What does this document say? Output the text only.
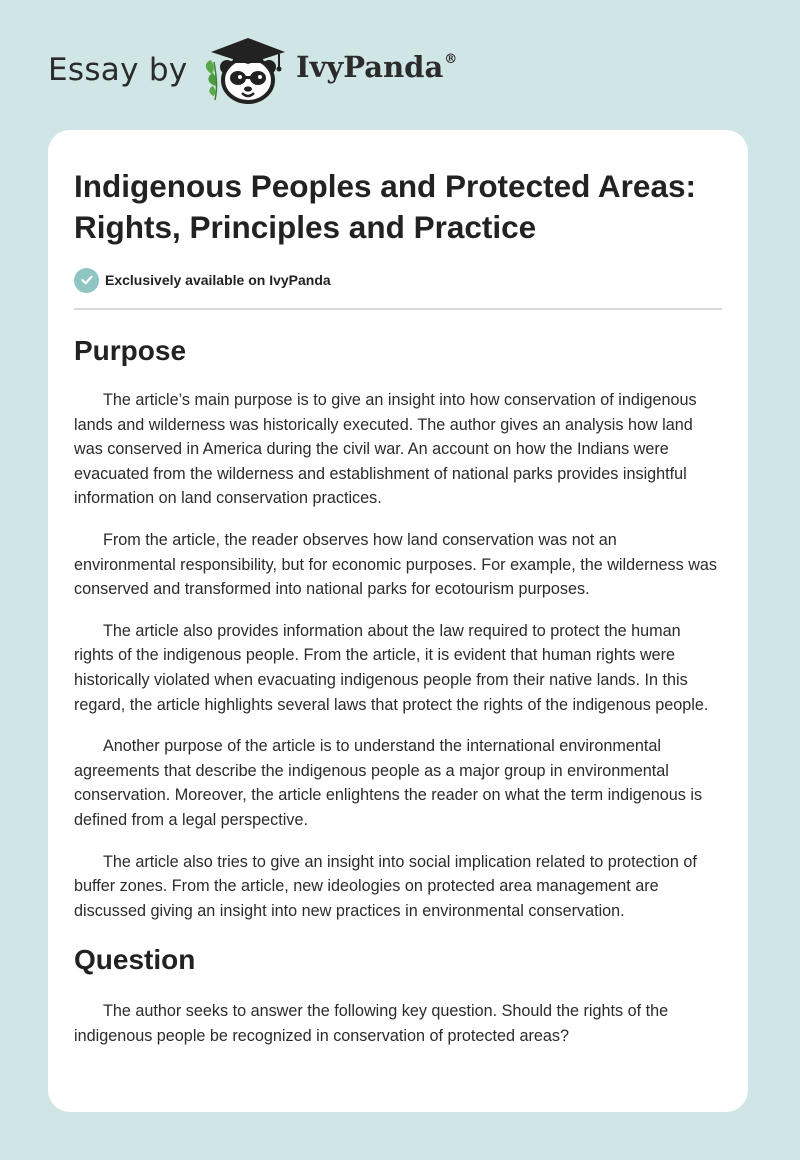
Essay by	IvyPanda®
Indigenous Peoples and Protected Areas: Rights, Principles and Practice
Exclusively available on IvyPanda
Purpose

The article’s main purpose is to give an insight into how conservation of indigenous lands and wilderness was historically executed. The author gives an analysis how land was conserved in America during the civil war. An account on how the Indians were evacuated from the wilderness and establishment of national parks provides insightful information on land conservation practices.

From the article, the reader observes how land conservation was not an environmental responsibility, but for economic purposes. For example, the wilderness was conserved and transformed into national parks for ecotourism purposes.

The article also provides information about the law required to protect the human rights of the indigenous people. From the article, it is evident that human rights were historically violated when evacuating indigenous people from their native lands. In this regard, the article highlights several laws that protect the rights of the indigenous people.

Another purpose of the article is to understand the international environmental agreements that describe the indigenous people as a major group in environmental conservation. Moreover, the article enlightens the reader on what the term indigenous is defined from a legal perspective.

The article also tries to give an insight into social implication related to protection of buffer zones. From the article, new ideologies on protected area management are discussed giving an insight into new practices in environmental conservation.

Question

The author seeks to answer the following key question. Should the rights of the indigenous people be recognized in conservation of protected areas?
